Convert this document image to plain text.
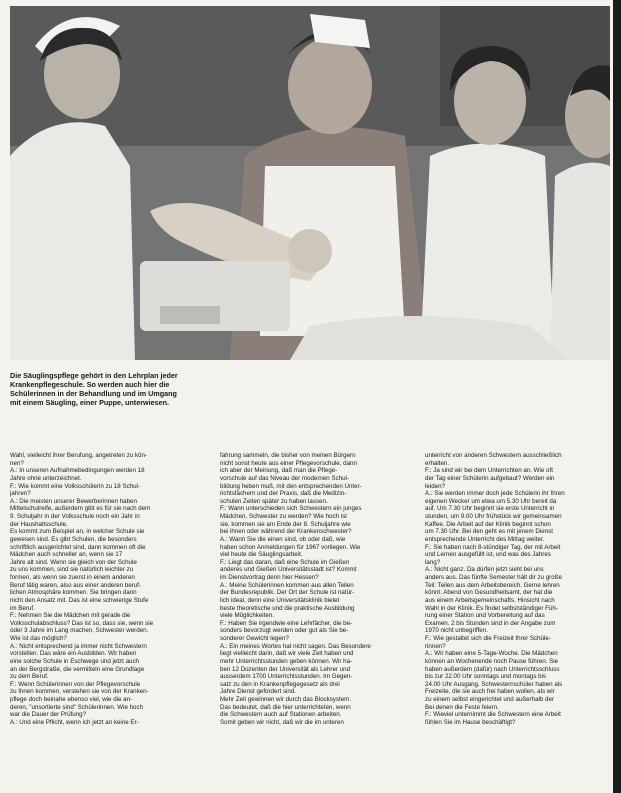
Die Säuglingspflege gehört in den Lehrplan jeder
Krankenpflegeschule. So werden auch hier die
Schülerinnen in der Behandlung und im Umgang
mit einem Säugling, einer Puppe, unterwiesen.
Wahl, vielleicht ihrer Berufung, angetreten zu kön-
nen?
A.: In unseren Aufnahmebedingungen werden 18
Jahre ohne unterzeichnet.
F.: Wie kommt eine Volksschülerin zu 18 Schul-
jahren?
A.: Die meisten unserer Bewerberinnen haben
Mittelschulreife, außerdem gibt es für sie nach dem
9. Schuljahr in der Volksschule noch ein Jahr in
der Haushaltsschule.
Es kommt zum Beispiel an, in welcher Schule sie
gewesen sind. Es gibt Schulen, die besonders
schriftlich ausgerichtet sind, dann kommen oft die
Mädchen auch schneller an, wenn sie 17
Jahre alt sind. Wenn sie gleich von der Schule
zu uns kommen, sind sie natürlich leichter zu
formen, als wenn sie zuerst in einem anderen
Beruf tätig waren, also aus einer anderen beruf-
lichen Atmosphäre kommen. Sie bringen dann
nicht den Ansatz mit. Das ist eine schwierige Stufe
im Beruf.
F.: Nehmen Sie die Mädchen mit gerade die
Volksschulabschluss? Das ist so, dass sie, wenn sie
oder 3 Jahre im Lang machen, Schwester werden.
Wie ist das möglich?
A.: Nicht entsprechend ja immer nicht Schwestern
vorstellen. Das wäre ein Ausbilden. Wir haben
eine solche Schule in Eschwege und jetzt auch
an der Bergstraße, die vermitteln eine Grundlage
zu dem Beruf.
F.: Wenn Schülerinnen von der Pflegevorschule
zu Ihnen kommen, verstehen sie von der Kranken-
pflege doch beinahe ebenso viel, wie die an-
deren, "unsortierte sind" Schülerinnen. Wie hoch
war die Dauer der Prüfung?
A.: Und eine Pflicht, wenn ich jetzt an keine Er-
fahrung sammeln, die bisher von meinen Bürgern
nicht sonst heute aus einer Pflegevorschule, dann
ich aber der Meinung, daß man die Pflege-
vorschule auf das Niveau der modernen Schul-
bildung heben muß, mit den entsprechenden Unter-
richtsfächern und der Praxis, daß die Medizin-
schulen Zeiten später zu haben lassen.
F.: Wann unterschieden sich Schwestern ein junges
Mädchen, Schwester zu werden? Wie hoch ist
sie, kommen sie am Ende der 8. Schuljahre wie
bei ihnen oder während der Krankenschwester?
A.: Wann Sie die einen sind, ob oder daß, wie
haben schon Anmeldungen für 1967 vorliegen. Wie
viel heute die Säuglingsarbeit.
F.: Liegt das daran, daß eine Schule im Gießen
anderes und Gießen Universitätsstadt ist? Kommt
im Dienstvortrag denn hier Hessen?
A.: Meine Schülerinnen kommen aus allen Teilen
der Bundesrepublik. Der Ort der Schule ist natür-
lich ideal, denn eine Universitätsklinik bietet
beste theoretische und die praktische Ausbildung
viele Möglichkeiten.
F.: Haben Sie irgendwie eine Lehrfächer, die be-
sonders bevorzugt werden oder gut als Sie be-
sonderer Gewicht legen?
A.: Ein meines Wortes hat nicht sagen. Das Besondere
liegt vielleicht darin, daß wir viele Zeit haben und
mehr Unterrichtsstunden geben können. Wir ha-
ben 12 Dozenten der Universität als Lehrer und
ausserdem 1700 Unterrichtsstunden. Im Gegen-
satz zu den in Krankenpflegegesetz als drei
Jahre Dienst gefordert sind.
Mehr Zeit gewinnen wir durch das Blocksystem.
Das bedeutet, daß die hier unterrichteten, wenn
die Schwestern auch auf Stationen arbeiten.
Somit geben wir nicht, daß wir die im unteren
unterricht von anderen Schwestern ausschließlich
erhalten.
F.: Ja sind wir bei dem Unterrichten an. Wie oft
der Tag einer Schülerin aufgebaut? Werden ein
leiden?
A.: Sie werden immer doch jede Schülerin ihr Ihren
eigenen Wecker um etwa um 5.30 Uhr bereit da
auf. Um 7.30 Uhr beginnt sie erste Unterricht in
stunden, um 9.00 Uhr frühstück wir gemeinsamen
Kaffee. Die Arbeit auf der Klinik beginnt schon
um 7.30 Uhr. Bei den geht es mit jenem Dienst
entsprechende Unterricht des Mittag weiter.
F.: Sie haben nach 8-stündiger Tag, der mit Arbeit
und Lernen ausgefüllt ist, und was des Jahres
lang?
A.: Nicht ganz. Da dürfen jetzt sieht bei uns
anders aus. Das fünfte Semester hält dir zu große
Teil: Teilen aus dem Arbeitsbereich. Gerne lehren
könnt. Abend von Gesundheitsamt, der hat die
aus einem Arbeitsgemeinschafts. Hinsicht nach
Wahl in der Klinik. Es findet selbstständiger Füh-
rung einer Station und Vorbereitung auf das
Examen. 2 bis Stunden sind in der Angabe zum
1970 nicht unbegriffen.
F.: Wie gestaltet sich die Freizeit Ihrer Schüle-
rinnen?
A.: Wir haben eine 5-Tage-Woche. Die Mädchen
können an Wochenende noch Pause führen. Sie
haben außerdem (dafür) nach Unterrichtsschluss
bis zur 22.00 Uhr sonntags und montags bis
24.00 Uhr Ausgang. Schwesternschüler haben als
Freizeite, die sie auch frei haben wollen, als wir
zu einem selbst eingerichtet und außerhalb der
Bei denen die Feste feiern.
F.: Wieviel unternimmt die Schwestern eine Arbeit
fühlen Sie im Hause beschäftigt?
